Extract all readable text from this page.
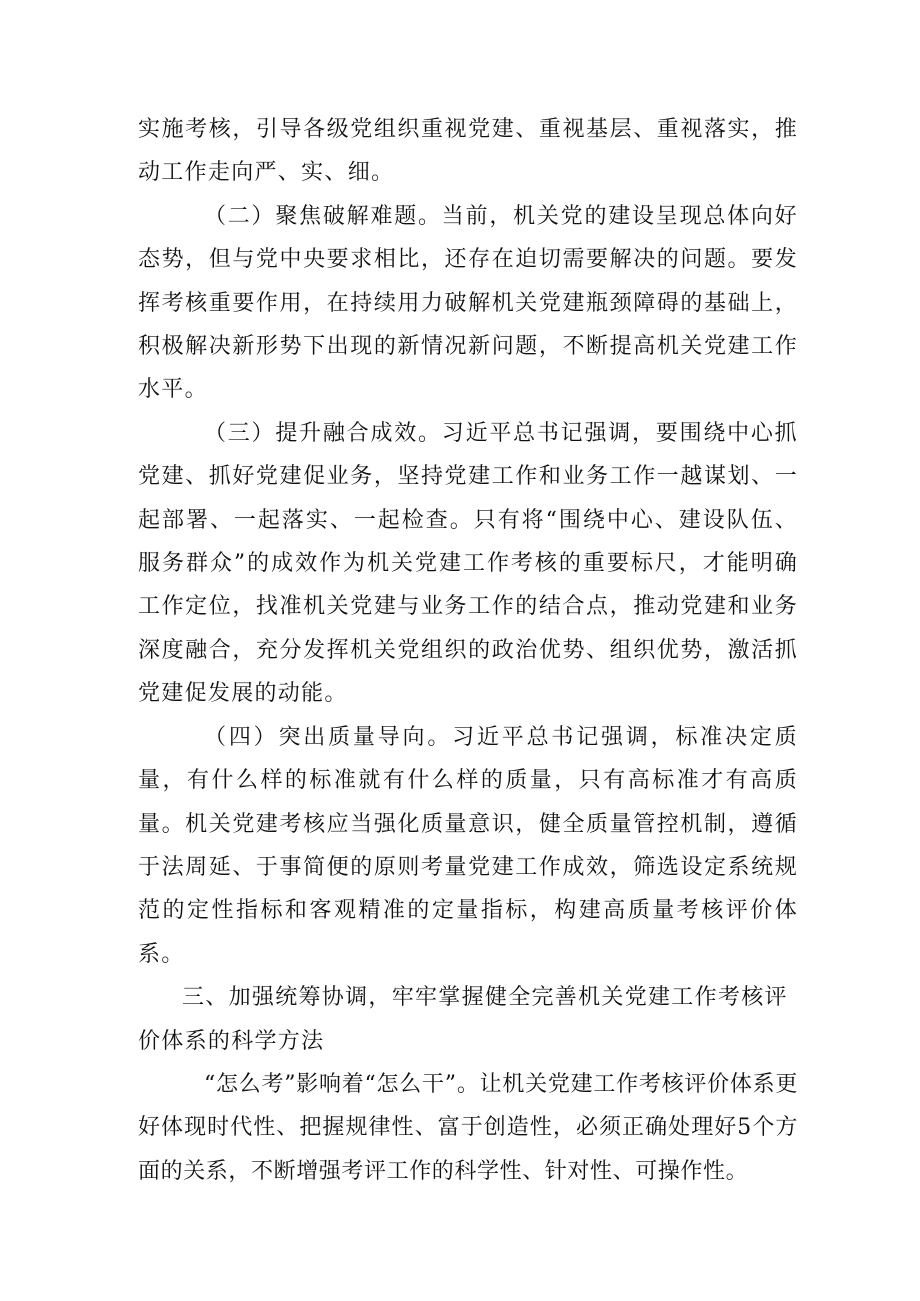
实施考核，引导各级党组织重视党建、重视基层、重视落实，推动工作走向严、实、细。

（二）聚焦破解难题。当前，机关党的建设呈现总体向好态势，但与党中央要求相比，还存在迫切需要解决的问题。要发挥考核重要作用，在持续用力破解机关党建瓶颈障碍的基础上，积极解决新形势下出现的新情况新问题，不断提高机关党建工作水平。

（三）提升融合成效。习近平总书记强调，要围绕中心抓党建、抓好党建促业务，坚持党建工作和业务工作一越谋划、一起部署、一起落实、一起检查。只有将“围绕中心、建设队伍、服务群众”的成效作为机关党建工作考核的重要标尺，才能明确工作定位，找准机关党建与业务工作的结合点，推动党建和业务深度融合，充分发挥机关党组织的政治优势、组织优势，激活抓党建促发展的动能。

（四）突出质量导向。习近平总书记强调，标准决定质量，有什么样的标准就有什么样的质量，只有高标准才有高质量。机关党建考核应当强化质量意识，健全质量管控机制，遵循于法周延、于事简便的原则考量党建工作成效，筛选设定系统规范的定性指标和客观精准的定量指标，构建高质量考核评价体系。

三、加强统筹协调，牢牢掌握健全完善机关党建工作考核评价体系的科学方法

“怎么考”影响着“怎么干”。让机关党建工作考核评价体系更好体现时代性、把握规律性、富于创造性，必须正确处理好5个方面的关系，不断增强考评工作的科学性、针对性、可操作性。
